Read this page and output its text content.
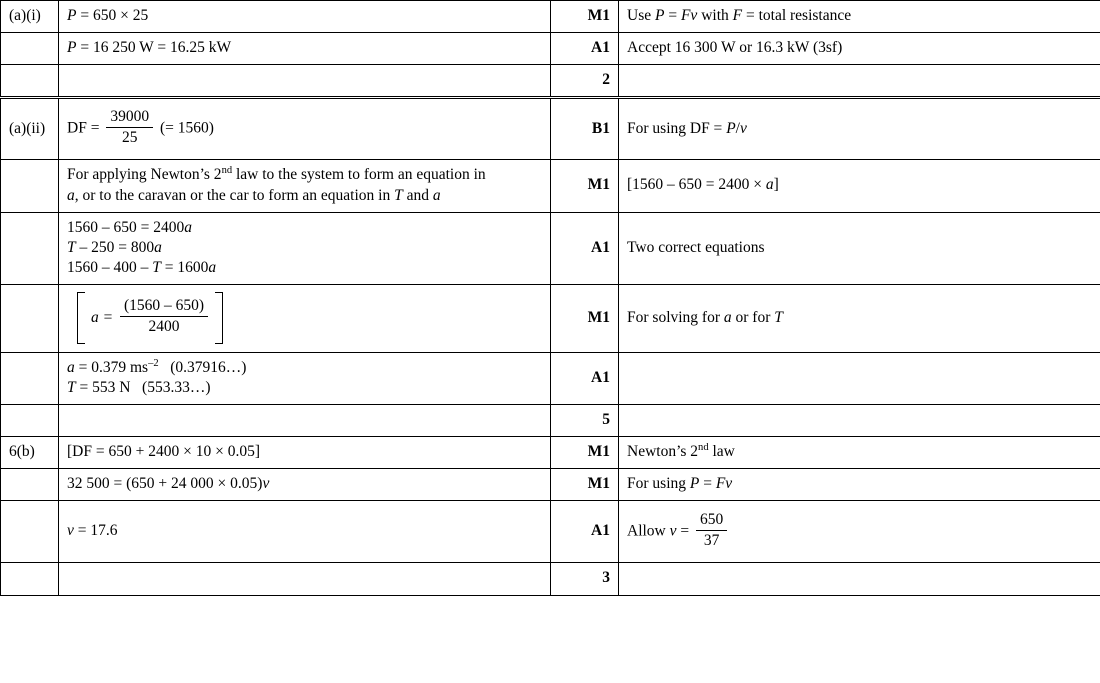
(a)(i)	P = 650 × 25	M1	Use P = Fv with F = total resistance
	P = 16 250 W = 16.25 kW	A1	Accept 16 300 W or 16.3 kW (3sf)
		2	
(a)(ii)	DF = $\frac{39000}{25}$ (= 1560)	B1	For using DF = P/v

	For applying Newton’s 2nd law to the system to form an equation in
a, or to the caravan or the car to form an equation in T and a	M1	[1560 – 650 = 2400 × a]

	1560 – 650 = 2400a
T – 250 = 800a
1560 – 400 – T = 1600a	A1	Two correct equations
	$a = \frac{(1560 - 650)}{2400}$	M1	For solving for a or for T

	a = 0.379 $ms^{-2}$   (0.37916…)
T = 553 N   (553.33…)	A1	
		5	
6(b)	[DF = 650 + 2400 × 10 × 0.05]	M1	Newton’s 2nd law
	32 500 = (650 + 24 000 × 0.05)v	M1	For using P = Fv
	v = 17.6	A1	Allow $v = \frac{650}{37}$

		3	
